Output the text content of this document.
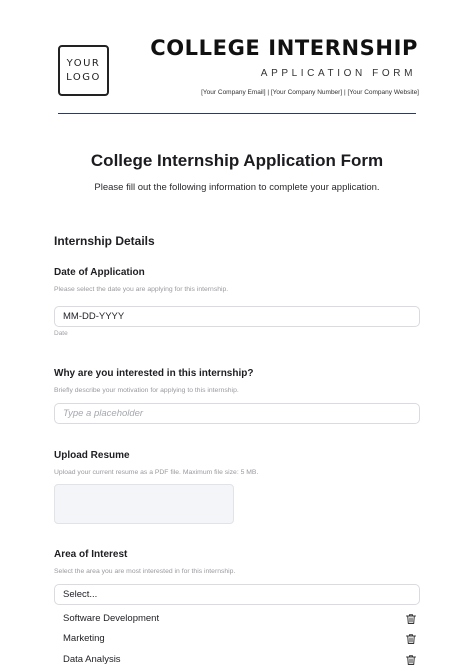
YOUR
LOGO
COLLEGE INTERNSHIP
APPLICATION FORM
[Your Company Email] | [Your Company Number] | [Your Company Website]
College Internship Application Form
Please fill out the following information to complete your application.
Internship Details
Date of Application
Please select the date you are applying for this internship.
MM-DD-YYYY
Date
Why are you interested in this internship?
Briefly describe your motivation for applying to this internship.
Type a placeholder
Upload Resume
Upload your current resume as a PDF file. Maximum file size: 5 MB.
Area of Interest
Select the area you are most interested in for this internship.
Select...
Software Development
Marketing
Data Analysis
